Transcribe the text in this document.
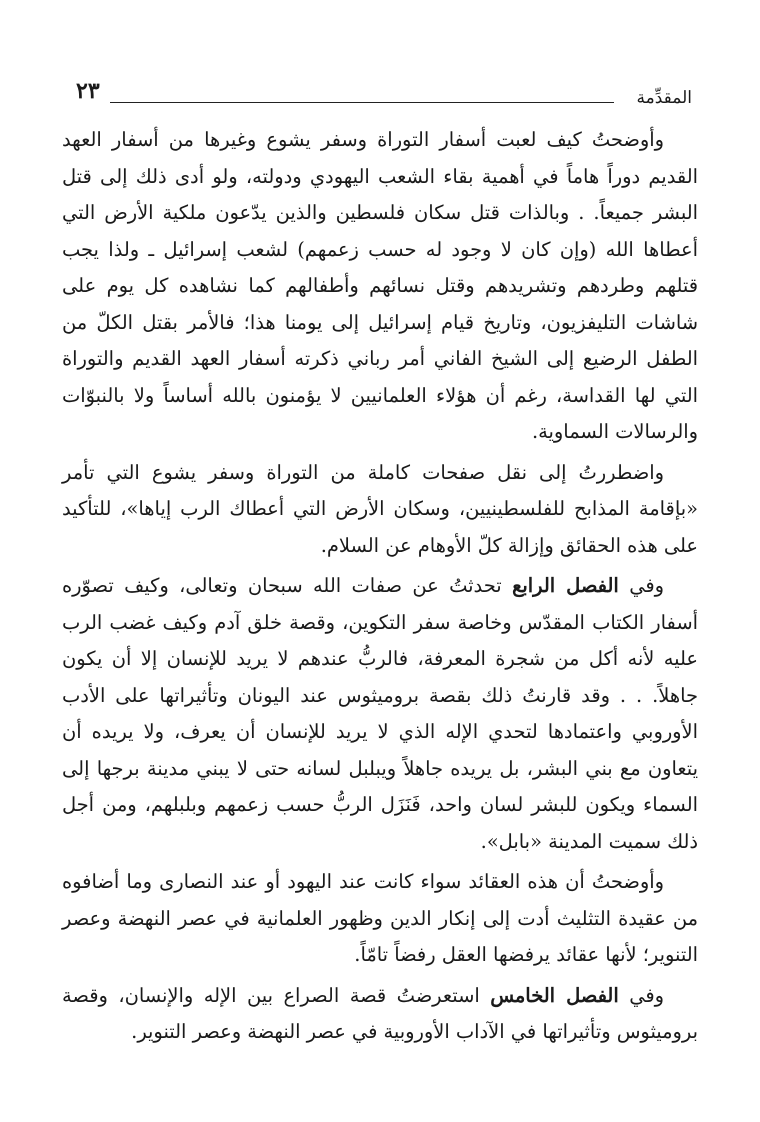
المقدِّمة
٢٣

وأوضحتُ كيف لعبت أسفار التوراة وسفر يشوع وغيرها من أسفار العهد القديم دوراً هاماً في أهمية بقاء الشعب اليهودي ودولته، ولو أدى ذلك إلى قتل البشر جميعاً. . وبالذات قتل سكان فلسطين والذين يدّعون ملكية الأرض التي أعطاها الله (وإن كان لا وجود له حسب زعمهم) لشعب إسرائيل ـ ولذا يجب قتلهم وطردهم وتشريدهم وقتل نسائهم وأطفالهم كما نشاهده كل يوم على شاشات التليفزيون، وتاريخ قيام إسرائيل إلى يومنا هذا؛ فالأمر بقتل الكلّ من الطفل الرضيع إلى الشيخ الفاني أمر رباني ذكرته أسفار العهد القديم والتوراة التي لها القداسة، رغم أن هؤلاء العلمانيين لا يؤمنون بالله أساساً ولا بالنبوّات والرسالات السماوية.

واضطررتُ إلى نقل صفحات كاملة من التوراة وسفر يشوع التي تأمر «بإقامة المذابح للفلسطينيين، وسكان الأرض التي أعطاك الرب إياها»، للتأكيد على هذه الحقائق وإزالة كلّ الأوهام عن السلام.

وفي الفصل الرابع تحدثتُ عن صفات الله سبحان وتعالى، وكيف تصوّره أسفار الكتاب المقدّس وخاصة سفر التكوين، وقصة خلق آدم وكيف غضب الرب عليه لأنه أكل من شجرة المعرفة، فالربُّ عندهم لا يريد للإنسان إلا أن يكون جاهلاً. . . وقد قارنتُ ذلك بقصة بروميثوس عند اليونان وتأثيراتها على الأدب الأوروبي واعتمادها لتحدي الإله الذي لا يريد للإنسان أن يعرف، ولا يريده أن يتعاون مع بني البشر، بل يريده جاهلاً ويبلبل لسانه حتى لا يبني مدينة برجها إلى السماء ويكون للبشر لسان واحد، فَنَزَل الربُّ حسب زعمهم وبلبلهم، ومن أجل ذلك سميت المدينة «بابل».

وأوضحتُ أن هذه العقائد سواء كانت عند اليهود أو عند النصارى وما أضافوه من عقيدة التثليث أدت إلى إنكار الدين وظهور العلمانية في عصر النهضة وعصر التنوير؛ لأنها عقائد يرفضها العقل رفضاً تامّاً.

وفي الفصل الخامس استعرضتُ قصة الصراع بين الإله والإنسان، وقصة بروميثوس وتأثيراتها في الآداب الأوروبية في عصر النهضة وعصر التنوير.
